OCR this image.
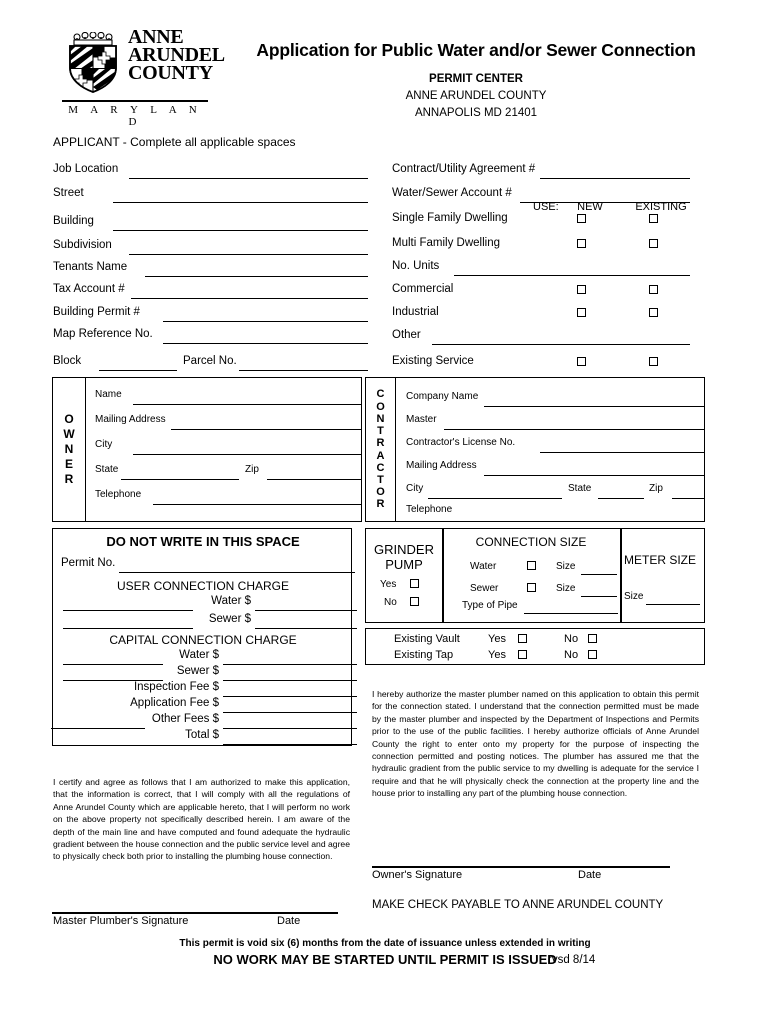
ANNE
ARUNDEL
COUNTY
M A R Y L A N D
Application for Public Water and/or Sewer Connection
PERMIT CENTER
ANNE ARUNDEL COUNTY
ANNAPOLIS MD 21401
APPLICANT - Complete all applicable spaces
Job Location
Street
Building
Subdivision
Tenants Name
Tax Account #
Building Permit #
Map Reference No.
Block	Parcel No.
Contract/Utility Agreement #
Water/Sewer Account #
USE:	NEW	EXISTING
Single Family Dwelling
Multi Family Dwelling
No. Units
Commercial
Industrial
Other
Existing Service
O
W
N
E
R
Name
Mailing Address
City
State	Zip
Telephone
C
O
N
T
R
A
C
T
O
R
Company Name
Master
Contractor's License No.
Mailing Address
City	State	Zip
Telephone
DO NOT WRITE IN THIS SPACE
Permit No.
USER CONNECTION CHARGE
Water $
Sewer $
CAPITAL CONNECTION CHARGE
Water $
Sewer $
Inspection Fee $
Application Fee $
Other Fees $
Total $
GRINDER
PUMP
Yes
No
CONNECTION SIZE
Water	Size
Sewer	Size
Type of Pipe
METER SIZE
Size
Existing Vault	Yes	No
Existing Tap	Yes	No
I certify and agree as follows that I am authorized to make this application, that the information is correct, that I will comply with all the regulations of Anne Arundel County which are applicable hereto, that I will perform no work on the above property not specifically described herein. I am aware of the depth of the main line and have computed and found adequate the hydraulic gradient between the house connection and the public service level and agree to physically check both prior to installing the plumbing house connection.
I hereby authorize the master plumber named on this application to obtain this permit for the connection stated. I understand that the connection permitted must be made by the master plumber and inspected by the Department of Inspections and Permits prior to the use of the public facilities. I hereby authorize officials of Anne Arundel County the right to enter onto my property for the purpose of inspecting the connection permitted and posting notices. The plumber has assured me that the hydraulic gradient from the public service to my dwelling is adequate for the service I require and that he will physically check the connection at the property line and the house prior to installing any part of the plumbing house connection.
Owner's Signature	Date
MAKE CHECK PAYABLE TO ANNE ARUNDEL COUNTY
Master Plumber's Signature	Date
This permit is void six (6) months from the date of issuance unless extended in writing
NO WORK MAY BE STARTED UNTIL PERMIT IS ISSUED
rvsd 8/14
